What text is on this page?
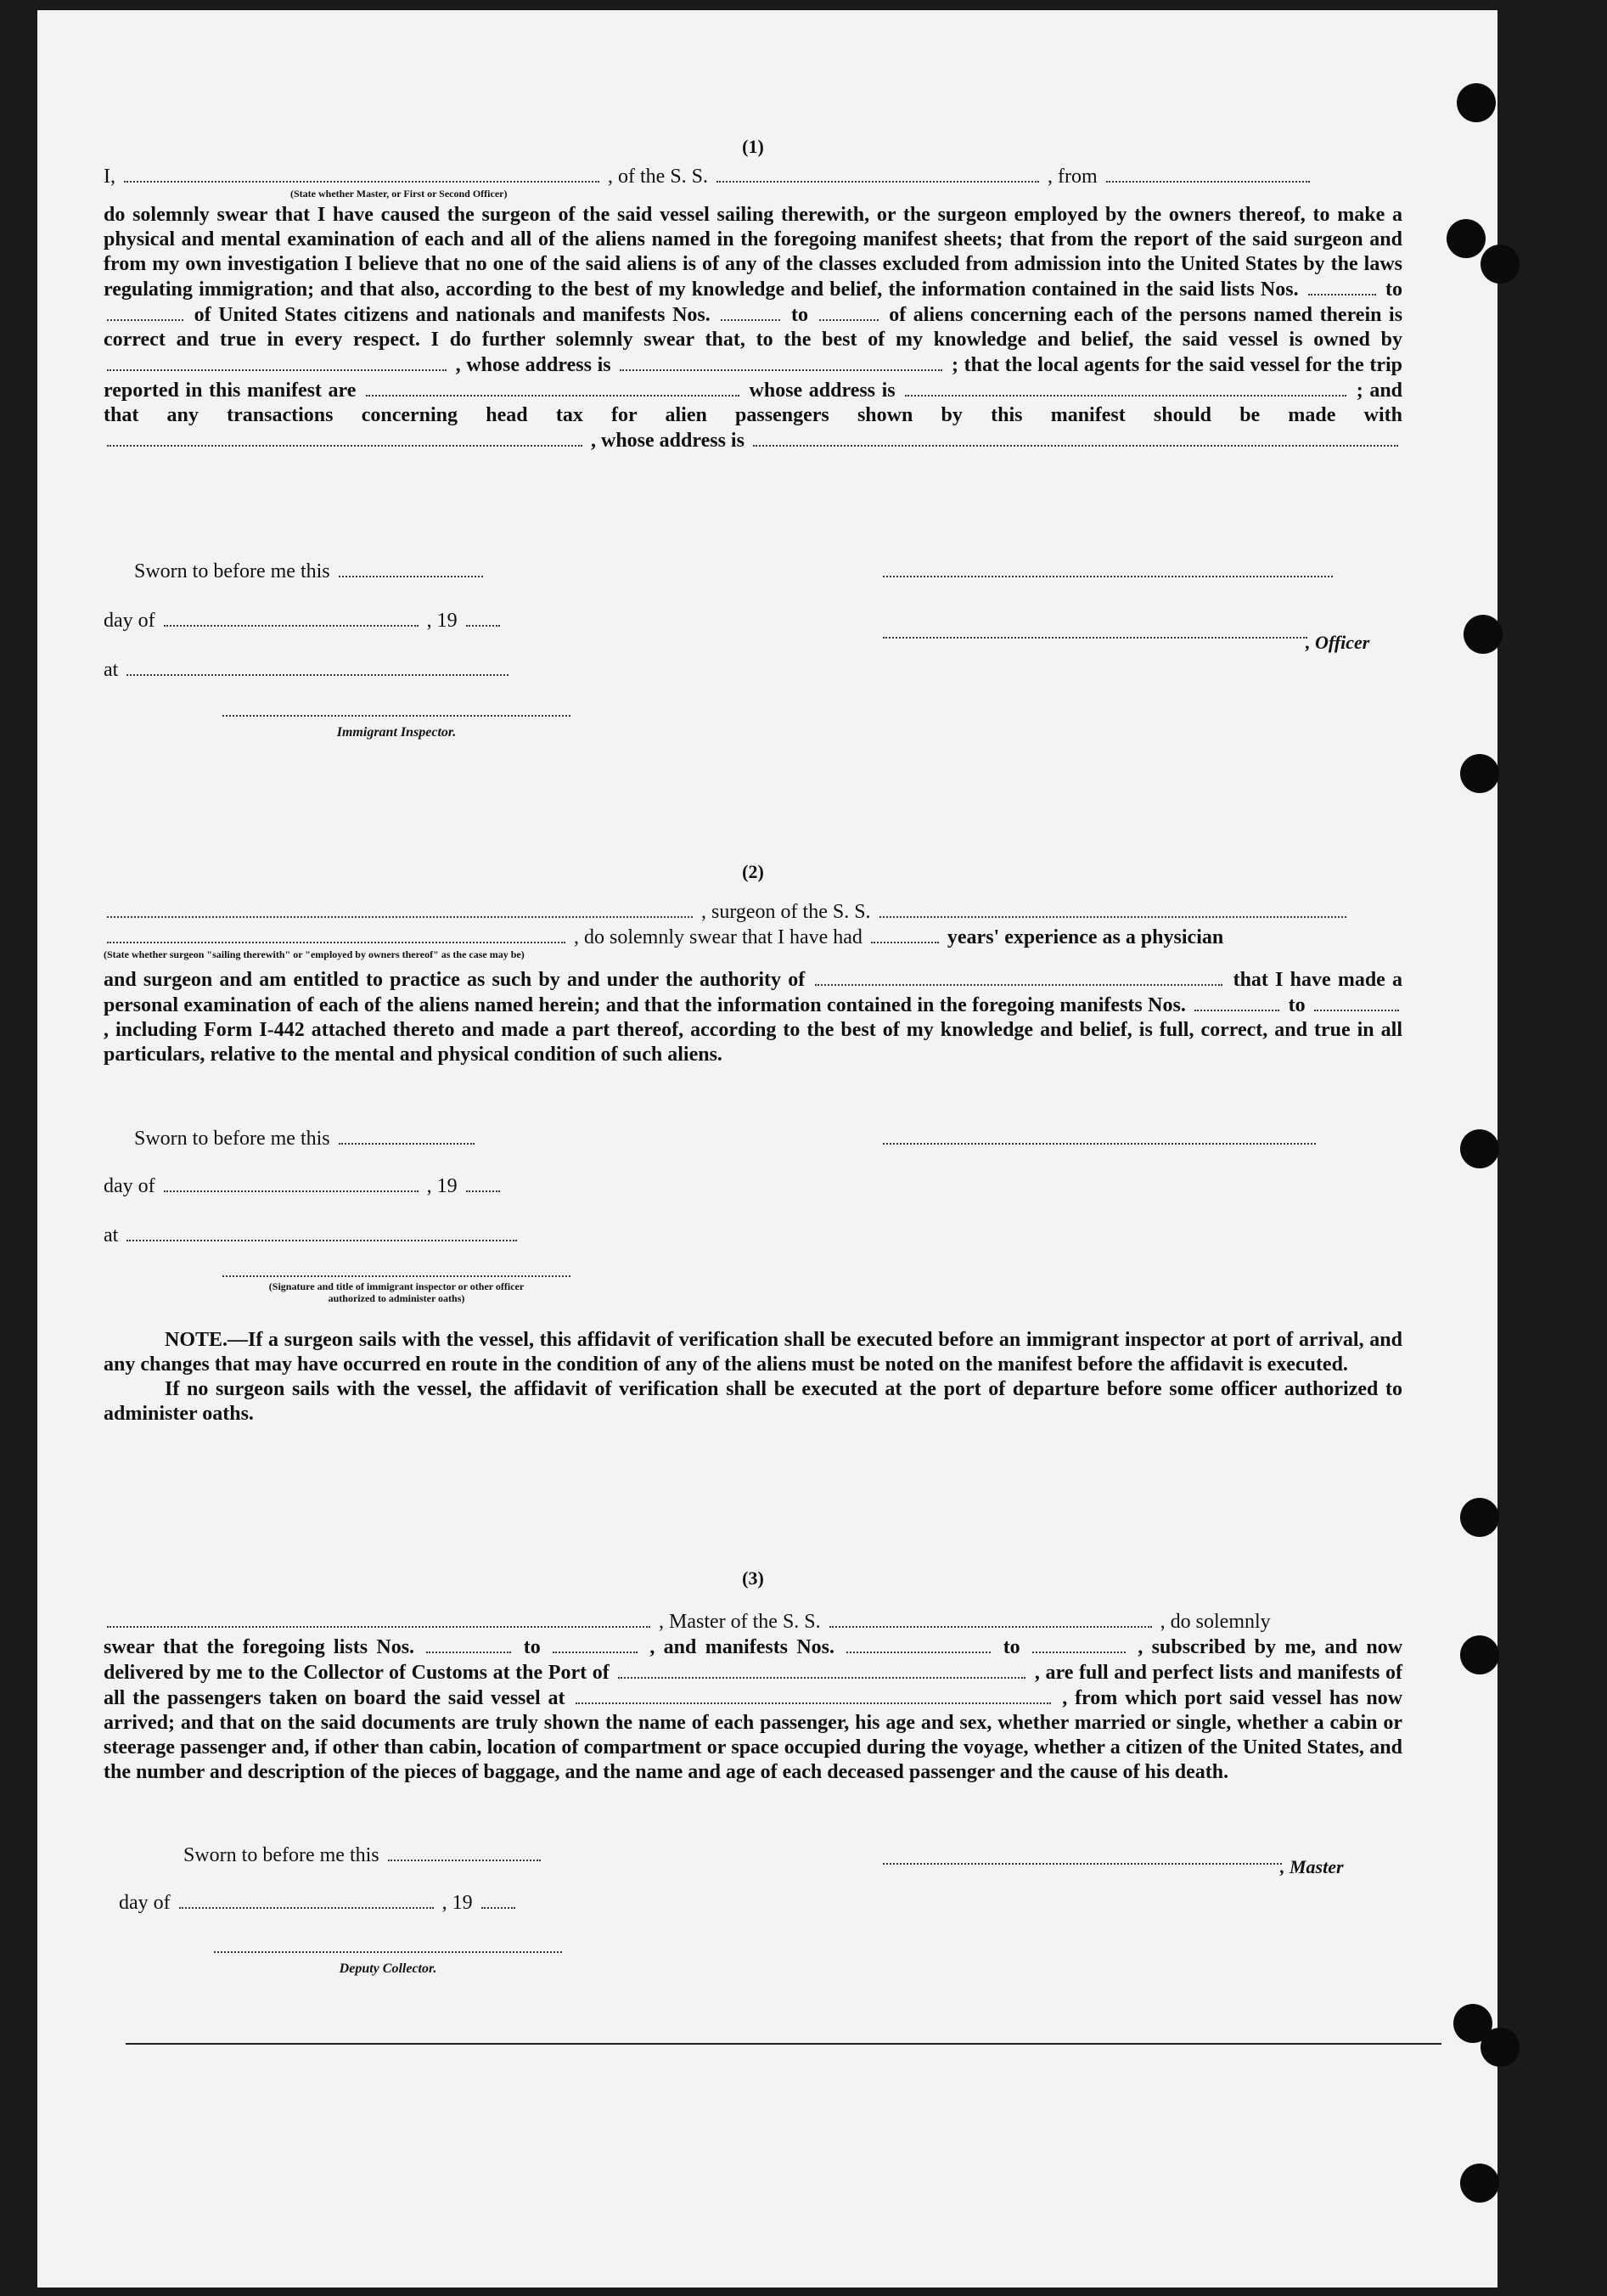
(1)

I,	, of the S. S.	, from

(State whether Master, or First or Second Officer)

do solemnly swear that I have caused the surgeon of the said vessel sailing therewith, or the surgeon employed by the owners thereof, to make a physical and mental examination of each and all of the aliens named in the foregoing manifest sheets; that from the report of the said surgeon and from my own investigation I believe that no one of the said aliens is of any of the classes excluded from admission into the United States by the laws regulating immigration; and that also, according to the best of my knowledge and belief, the information contained in the said lists Nos.	to  of United States citizens and nationals and manifests Nos.	to	of aliens concerning each of the persons named therein is correct and true in every respect. I do further solemnly swear that, to the best of my knowledge and belief, the said vessel is owned by  , whose address is	; that the local agents for the said vessel for the trip reported in this manifest are	whose address is	; and that any transactions concerning head tax for alien passengers shown by this manifest should be made with  , whose address is

Sworn to before me this
day of	, 19
at
Immigrant Inspector.
, Officer
(2)

, surgeon of the S. S.

, do solemnly swear that I have had	years' experience as a physician

(State whether surgeon "sailing therewith" or "employed by owners thereof" as the case may be)

and surgeon and am entitled to practice as such by and under the authority of	that I have made a personal examination of each of the aliens named herein; and that the information contained in the foregoing manifests Nos.	to  , including Form I-442 attached thereto and made a part thereof, according to the best of my knowledge and belief, is full, correct, and true in all particulars, relative to the mental and physical condition of such aliens.

Sworn to before me this
day of	, 19
at
(Signature and title of immigrant inspector or other officer authorized to administer oaths)

NOTE.—If a surgeon sails with the vessel, this affidavit of verification shall be executed before an immigrant inspector at port of arrival, and any changes that may have occurred en route in the condition of any of the aliens must be noted on the manifest before the affidavit is executed.

If no surgeon sails with the vessel, the affidavit of verification shall be executed at the port of departure before some officer authorized to administer oaths.

(3)

, Master of the S. S.	, do solemnly

swear that the foregoing lists Nos.	to	, and manifests Nos.	to	, subscribed by me, and now delivered by me to the Collector of Customs at the Port of	, are full and perfect lists and manifests of all the passengers taken on board the said vessel at	, from which port said vessel has now arrived; and that on the said documents are truly shown the name of each passenger, his age and sex, whether married or single, whether a cabin or steerage passenger and, if other than cabin, location of compartment or space occupied during the voyage, whether a citizen of the United States, and the number and description of the pieces of baggage, and the name and age of each deceased passenger and the cause of his death.

Sworn to before me this
day of	, 19
Deputy Collector.
, Master
